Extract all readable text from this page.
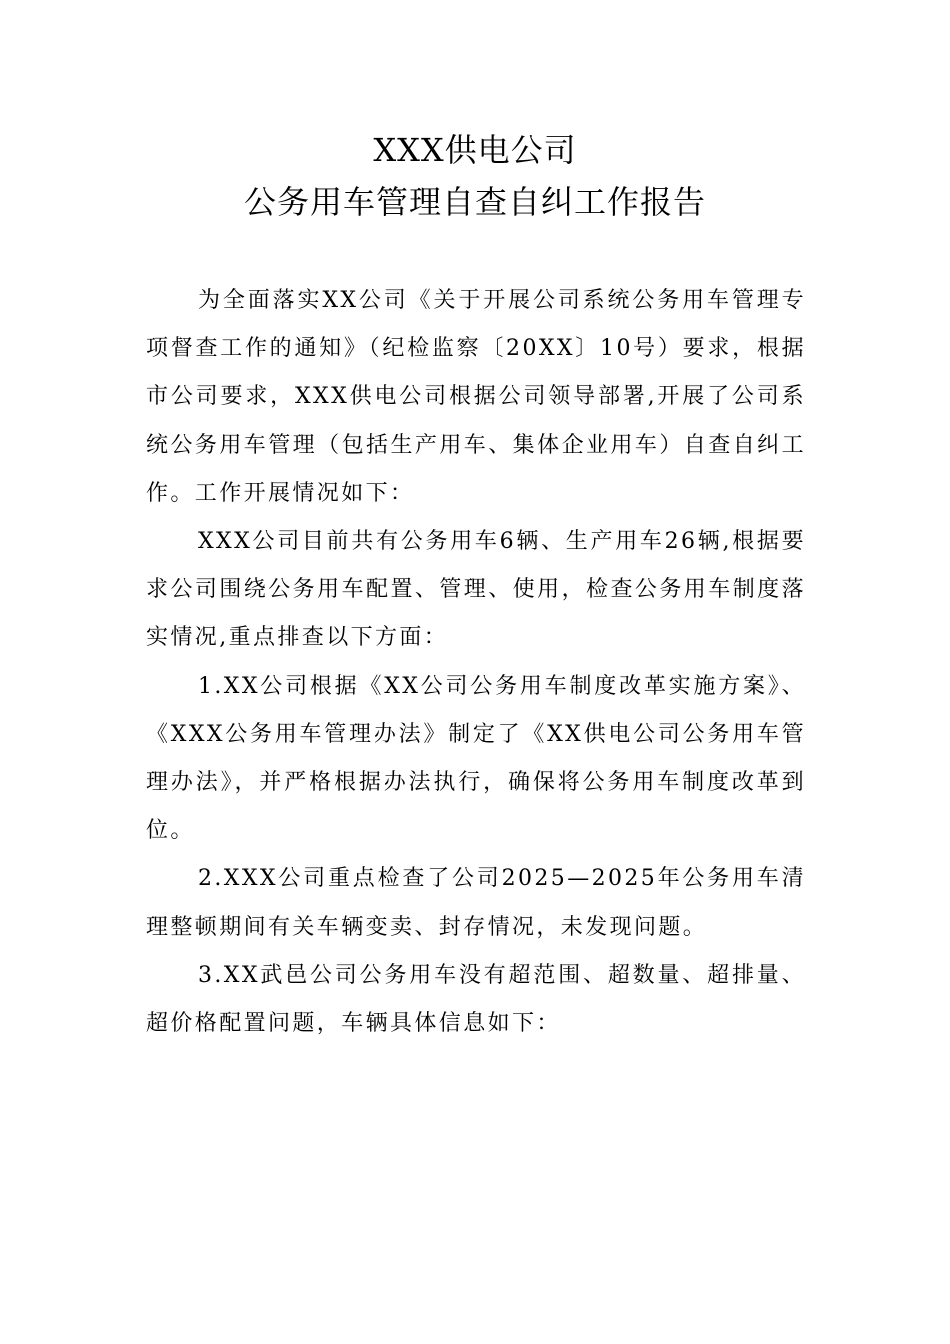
XXX供电公司
公务用车管理自查自纠工作报告

为全面落实XX公司《关于开展公司系统公务用车管理专项督查工作的通知》（纪检监察〔20XX〕10号）要求，根据市公司要求，XXX供电公司根据公司领导部署,开展了公司系统公务用车管理（包括生产用车、集体企业用车）自查自纠工作。工作开展情况如下：

XXX公司目前共有公务用车6辆、生产用车26辆,根据要求公司围绕公务用车配置、管理、使用，检查公务用车制度落实情况,重点排查以下方面：

1.XX公司根据《XX公司公务用车制度改革实施方案》、《XXX公务用车管理办法》制定了《XX供电公司公务用车管理办法》，并严格根据办法执行，确保将公务用车制度改革到位。

2.XXX公司重点检查了公司2025—2025年公务用车清理整顿期间有关车辆变卖、封存情况，未发现问题。

3.XX武邑公司公务用车没有超范围、超数量、超排量、超价格配置问题，车辆具体信息如下：
